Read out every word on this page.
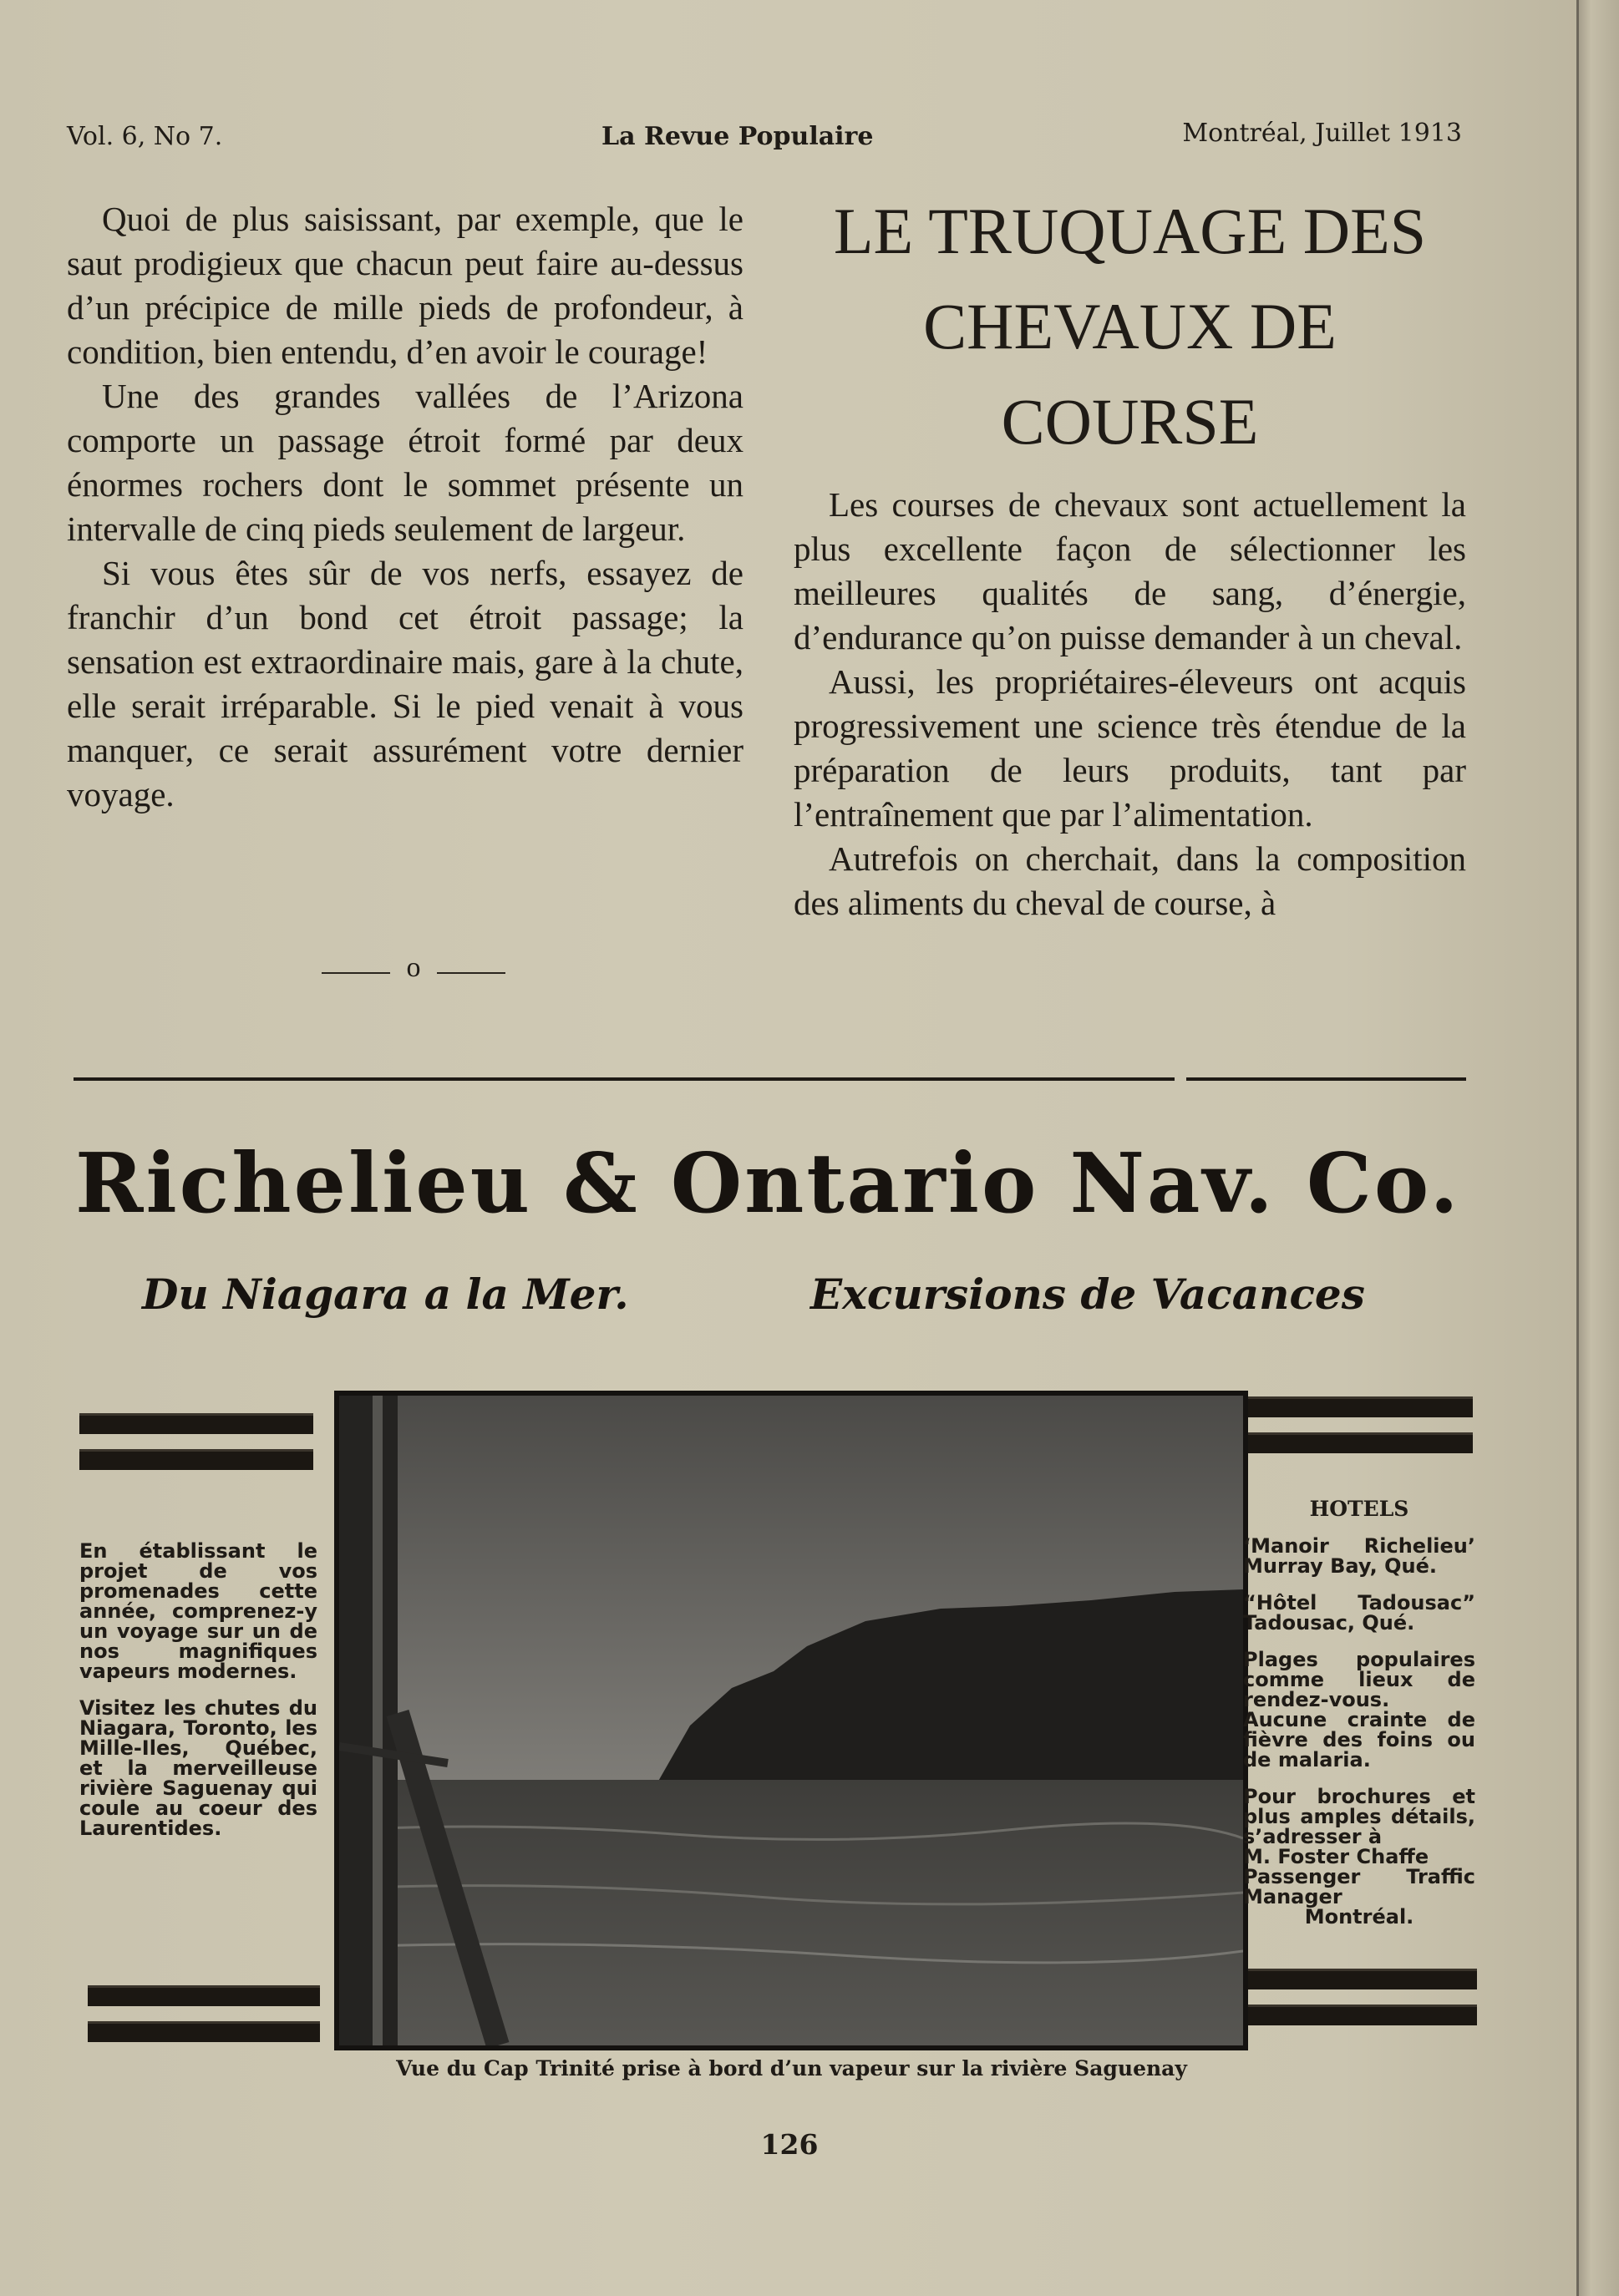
Vol. 6, No 7.	La Revue Populaire	Montréal, Juillet 1913

Quoi de plus saisissant, par exemple, que le saut prodigieux que chacun peut faire au-dessus d’un précipice de mille pieds de profondeur, à condition, bien entendu, d’en avoir le courage!

Une des grandes vallées de l’Arizona comporte un passage étroit formé par deux énormes rochers dont le sommet présente un intervalle de cinq pieds seulement de largeur.

Si vous êtes sûr de vos nerfs, essayez de franchir d’un bond cet étroit passage; la sensation est extraordinaire mais, gare à la chute, elle serait irréparable. Si le pied venait à vous manquer, ce serait assurément votre dernier voyage.

o
LE TRUQUAGE DES
CHEVAUX DE
COURSE

Les courses de chevaux sont actuellement la plus excellente façon de sélectionner les meilleures qualités de sang, d’énergie, d’endurance qu’on puisse demander à un cheval.

Aussi, les propriétaires-éleveurs ont acquis progressivement une science très étendue de la préparation de leurs produits, tant par l’entraînement que par l’alimentation.

Autrefois on cherchait, dans la composition des aliments du cheval de course, à

Richelieu & Ontario Nav. Co.
Du Niagara a la Mer.	Excursions de Vacances

En établissant le projet de vos promenades cette année, comprenez-y un voyage sur un de nos magnifiques vapeurs modernes.

Visitez les chutes du Niagara, Toronto, les Mille-Iles, Québec, et la merveilleuse rivière Saguenay qui coule au coeur des Laurentides.

HOTELS

‘Manoir Richelieu’ Murray Bay, Qué.

“Hôtel Tadousac” Tadousac, Qué.

Plages populaires comme lieux de rendez-vous. Aucune crainte de fièvre des foins ou de malaria.

Pour brochures et plus amples détails, s’adresser à

M. Foster Chaffe
Passenger Traffic Manager
Montréal.
Vue du Cap Trinité prise à bord d’un vapeur sur la rivière Saguenay
126
